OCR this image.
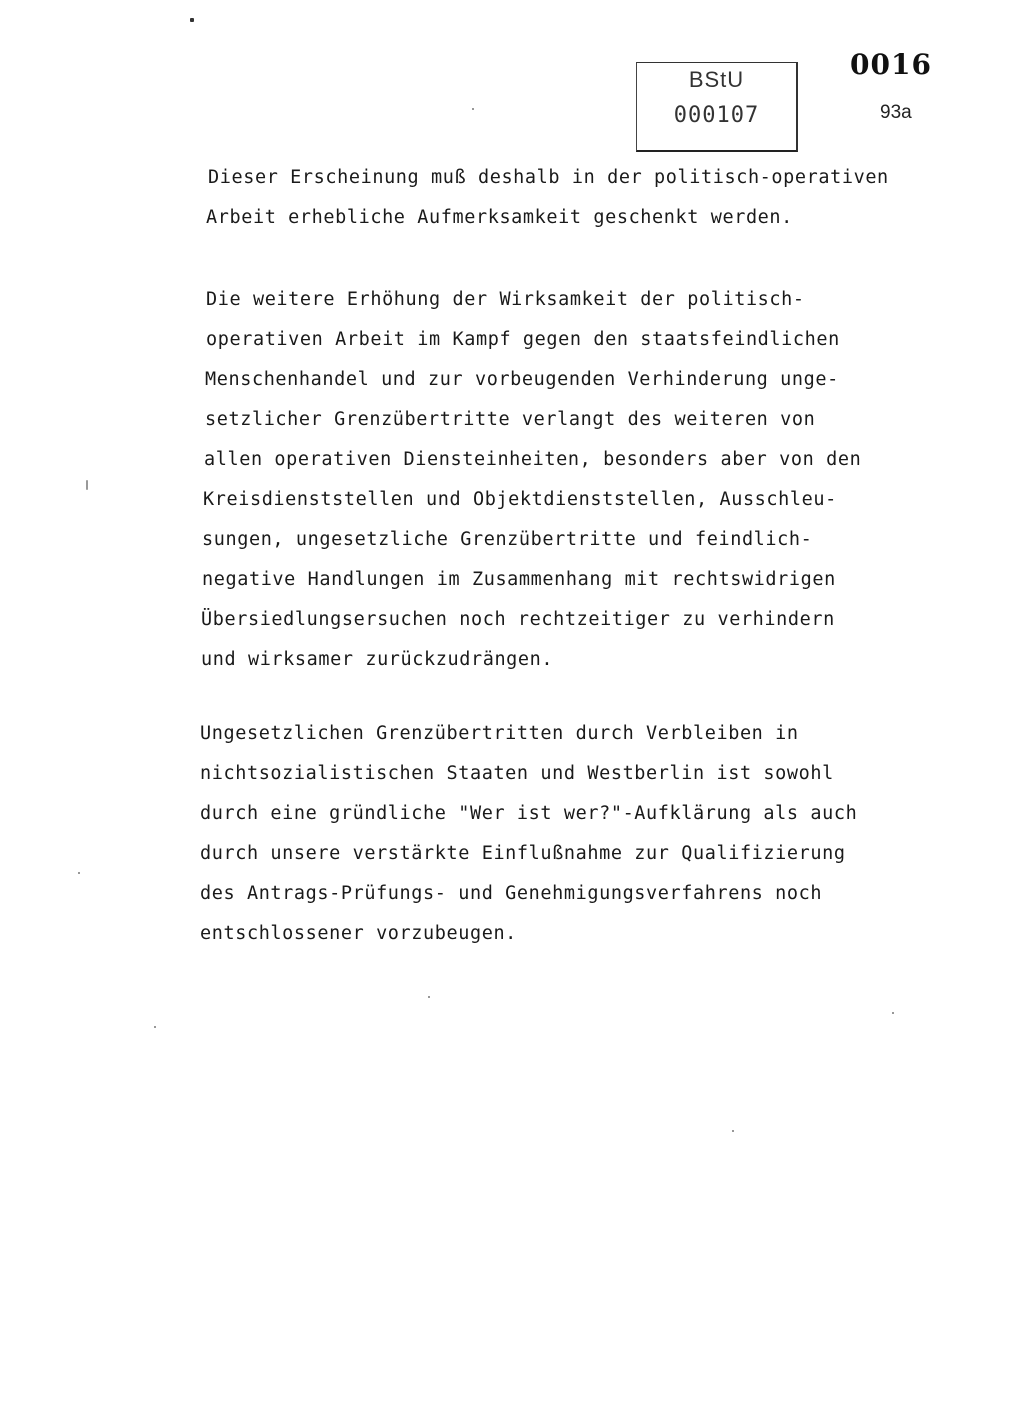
BStU
000107
0016
93a
Dieser Erscheinung muß deshalb in der politisch-operativen
Arbeit erhebliche Aufmerksamkeit geschenkt werden.
Die weitere Erhöhung der Wirksamkeit der politisch-
operativen Arbeit im Kampf gegen den staatsfeindlichen
Menschenhandel und zur vorbeugenden Verhinderung unge-
setzlicher Grenzübertritte verlangt des weiteren von
allen operativen Diensteinheiten, besonders aber von den
Kreisdienststellen und Objektdienststellen, Ausschleu-
sungen, ungesetzliche Grenzübertritte und feindlich-
negative Handlungen im Zusammenhang mit rechtswidrigen
Übersiedlungsersuchen noch rechtzeitiger zu verhindern
und wirksamer zurückzudrängen.
Ungesetzlichen Grenzübertritten durch Verbleiben in
nichtsozialistischen Staaten und Westberlin ist sowohl
durch eine gründliche "Wer ist wer?"-Aufklärung als auch
durch unsere verstärkte Einflußnahme zur Qualifizierung
des Antrags-Prüfungs- und Genehmigungsverfahrens noch
entschlossener vorzubeugen.
